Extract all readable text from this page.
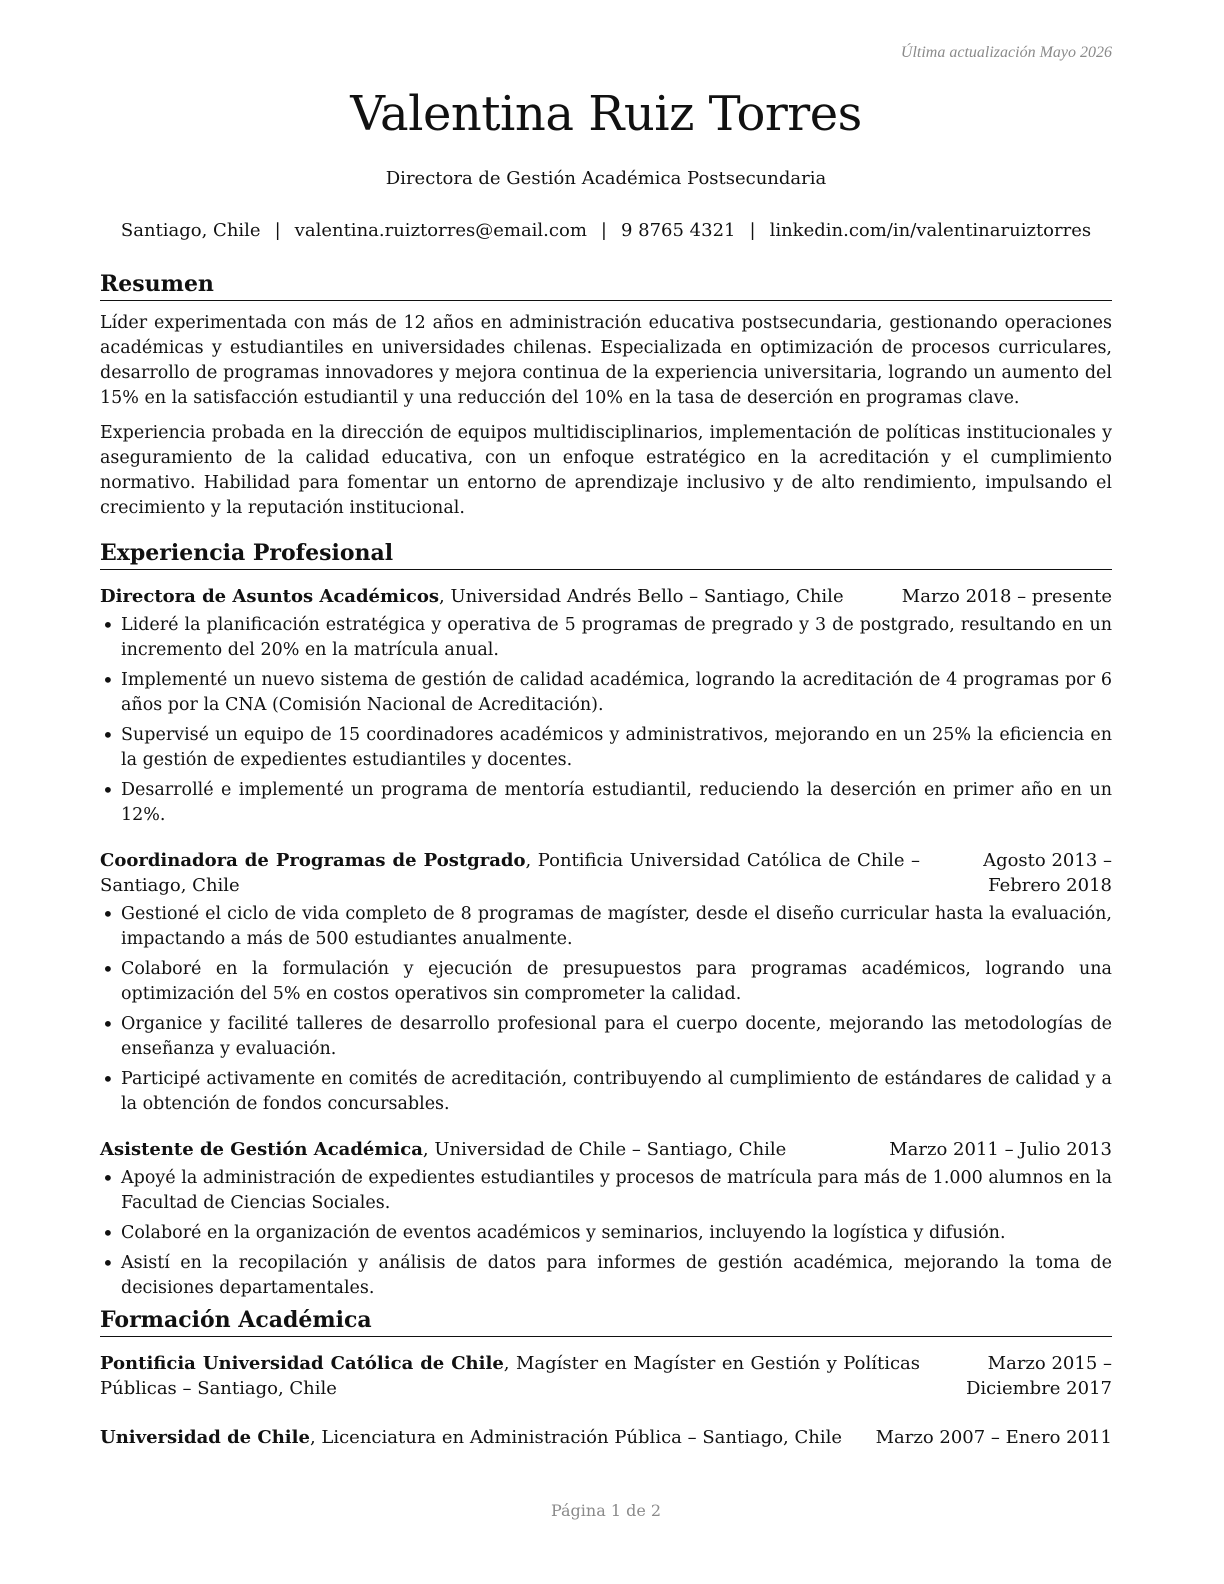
Última actualización Mayo 2026
Valentina Ruiz Torres
Directora de Gestión Académica Postsecundaria
Santiago, Chile | valentina.ruiztorres@email.com | 9 8765 4321 | linkedin.com/in/valentinaruiztorres
Resumen

Líder experimentada con más de 12 años en administración educativa postsecundaria, gestionando operaciones académicas y estudiantiles en universidades chilenas. Especializada en optimización de procesos curriculares, desarrollo de programas innovadores y mejora continua de la experiencia universitaria, logrando un aumento del 15% en la satisfacción estudiantil y una reducción del 10% en la tasa de deserción en programas clave.

Experiencia probada en la dirección de equipos multidisciplinarios, implementación de políticas institucionales y aseguramiento de la calidad educativa, con un enfoque estratégico en la acreditación y el cumplimiento normativo. Habilidad para fomentar un entorno de aprendizaje inclusivo y de alto rendimiento, impulsando el crecimiento y la reputación institucional.

Experiencia Profesional
Directora de Asuntos Académicos, Universidad Andrés Bello – Santiago, Chile	Marzo 2018 – presente
• Lideré la planificación estratégica y operativa de 5 programas de pregrado y 3 de postgrado, resultando en un incremento del 20% en la matrícula anual.
• Implementé un nuevo sistema de gestión de calidad académica, logrando la acreditación de 4 programas por 6 años por la CNA (Comisión Nacional de Acreditación).
• Supervisé un equipo de 15 coordinadores académicos y administrativos, mejorando en un 25% la eficiencia en la gestión de expedientes estudiantiles y docentes.
• Desarrollé e implementé un programa de mentoría estudiantil, reduciendo la deserción en primer año en un 12%.
Coordinadora de Programas de Postgrado, Pontificia Universidad Católica de Chile – Santiago, Chile
Agosto 2013 – Febrero 2018
• Gestioné el ciclo de vida completo de 8 programas de magíster, desde el diseño curricular hasta la evaluación, impactando a más de 500 estudiantes anualmente.
• Colaboré en la formulación y ejecución de presupuestos para programas académicos, logrando una optimización del 5% en costos operativos sin comprometer la calidad.
• Organice y facilité talleres de desarrollo profesional para el cuerpo docente, mejorando las metodologías de enseñanza y evaluación.
• Participé activamente en comités de acreditación, contribuyendo al cumplimiento de estándares de calidad y a la obtención de fondos concursables.
Asistente de Gestión Académica, Universidad de Chile – Santiago, Chile	Marzo 2011 – Julio 2013
• Apoyé la administración de expedientes estudiantiles y procesos de matrícula para más de 1.000 alumnos en la Facultad de Ciencias Sociales.
• Colaboré en la organización de eventos académicos y seminarios, incluyendo la logística y difusión.
• Asistí en la recopilación y análisis de datos para informes de gestión académica, mejorando la toma de decisiones departamentales.
Formación Académica
Pontificia Universidad Católica de Chile, Magíster en Magíster en Gestión y Políticas Públicas – Santiago, Chile
Marzo 2015 – Diciembre 2017
Universidad de Chile, Licenciatura en Administración Pública – Santiago, Chile	Marzo 2007 – Enero 2011
Página 1 de 2
